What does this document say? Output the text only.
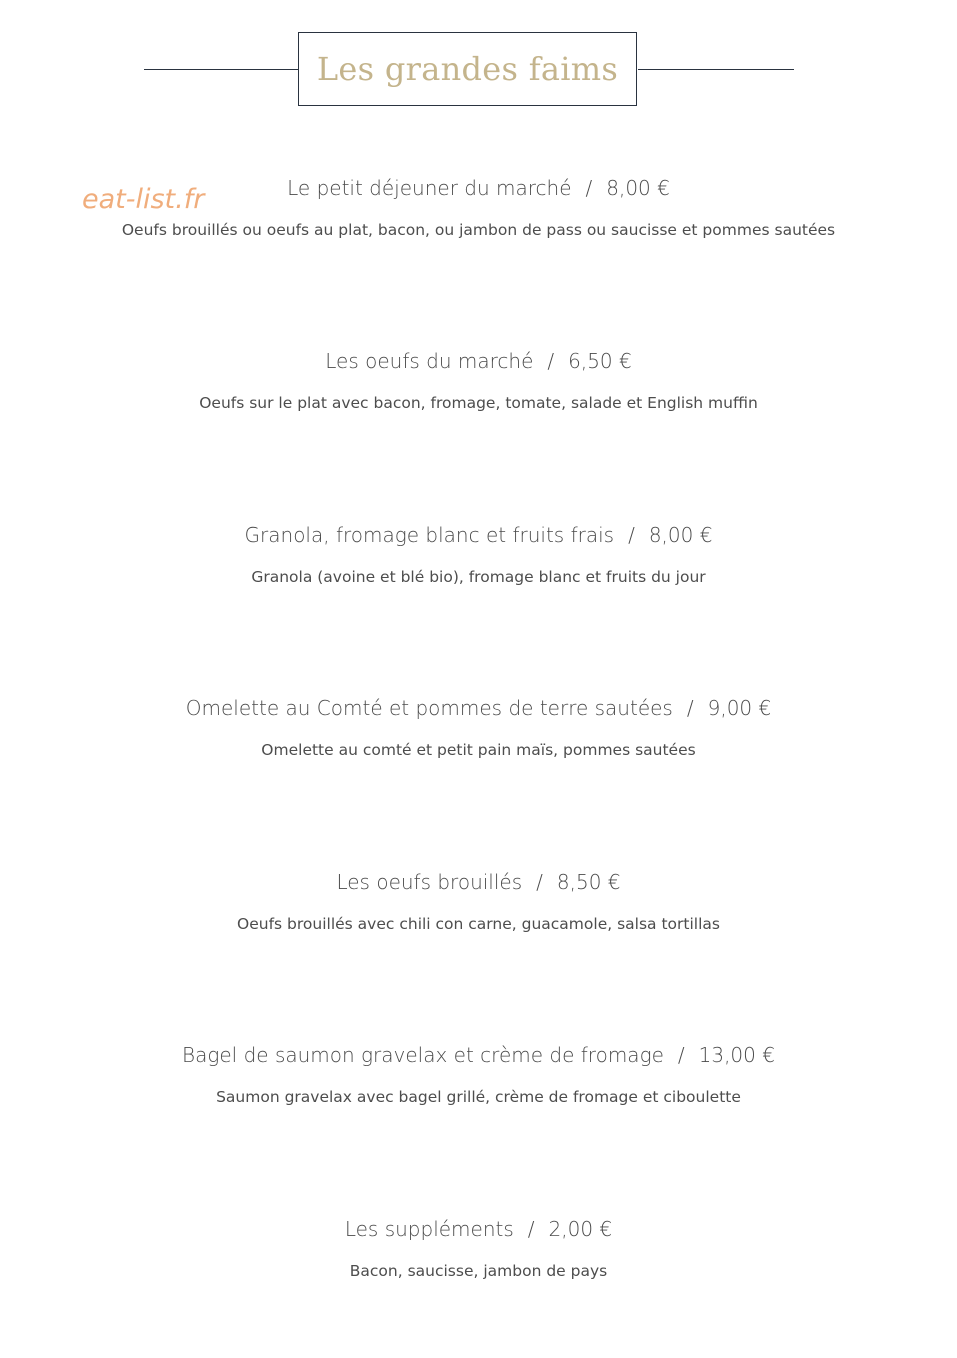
Les grandes faims
eat-list.fr	Le petit déjeuner du marché / 8,00 €
Oeufs brouillés ou oeufs au plat, bacon, ou jambon de pass ou saucisse et pommes sautées
Les oeufs du marché / 6,50 €
Oeufs sur le plat avec bacon, fromage, tomate, salade et English muffin
Granola, fromage blanc et fruits frais / 8,00 €
Granola (avoine et blé bio), fromage blanc et fruits du jour
Omelette au Comté et pommes de terre sautées / 9,00 €
Omelette au comté et petit pain maïs, pommes sautées
Les oeufs brouillés / 8,50 €
Oeufs brouillés avec chili con carne, guacamole, salsa tortillas
Bagel de saumon gravelax et crème de fromage / 13,00 €
Saumon gravelax avec bagel grillé, crème de fromage et ciboulette
Les suppléments / 2,00 €
Bacon, saucisse, jambon de pays
